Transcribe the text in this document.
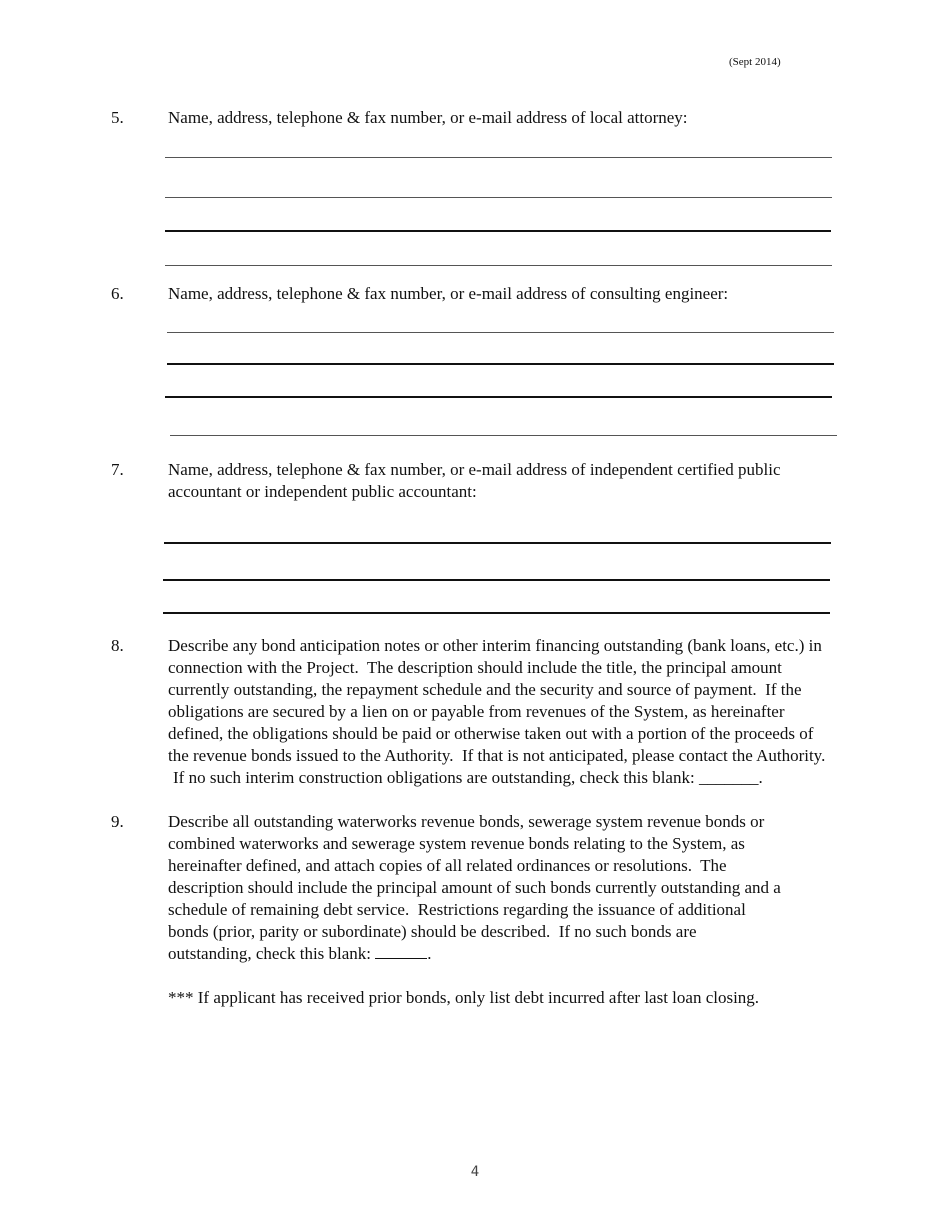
(Sept 2014)
5.	Name, address, telephone & fax number, or e-mail address of local attorney:
6.	Name, address, telephone & fax number, or e-mail address of consulting engineer:
7.	Name, address, telephone & fax number, or e-mail address of independent certified public
accountant or independent public accountant:
8.	Describe any bond anticipation notes or other interim financing outstanding (bank loans, etc.) in
connection with the Project.  The description should include the title, the principal amount
currently outstanding, the repayment schedule and the security and source of payment.  If the
obligations are secured by a lien on or payable from revenues of the System, as hereinafter
defined, the obligations should be paid or otherwise taken out with a portion of the proceeds of
the revenue bonds issued to the Authority.  If that is not anticipated, please contact the Authority.
If no such interim construction obligations are outstanding, check this blank: _______.
9.	Describe all outstanding waterworks revenue bonds, sewerage system revenue bonds or
combined waterworks and sewerage system revenue bonds relating to the System, as
hereinafter defined, and attach copies of all related ordinances or resolutions.  The
description should include the principal amount of such bonds currently outstanding and a
schedule of remaining debt service.  Restrictions regarding the issuance of additional
bonds (prior, parity or subordinate) should be described.  If no such bonds are
outstanding, check this blank:	.
*** If applicant has received prior bonds, only list debt incurred after last loan closing.
4
